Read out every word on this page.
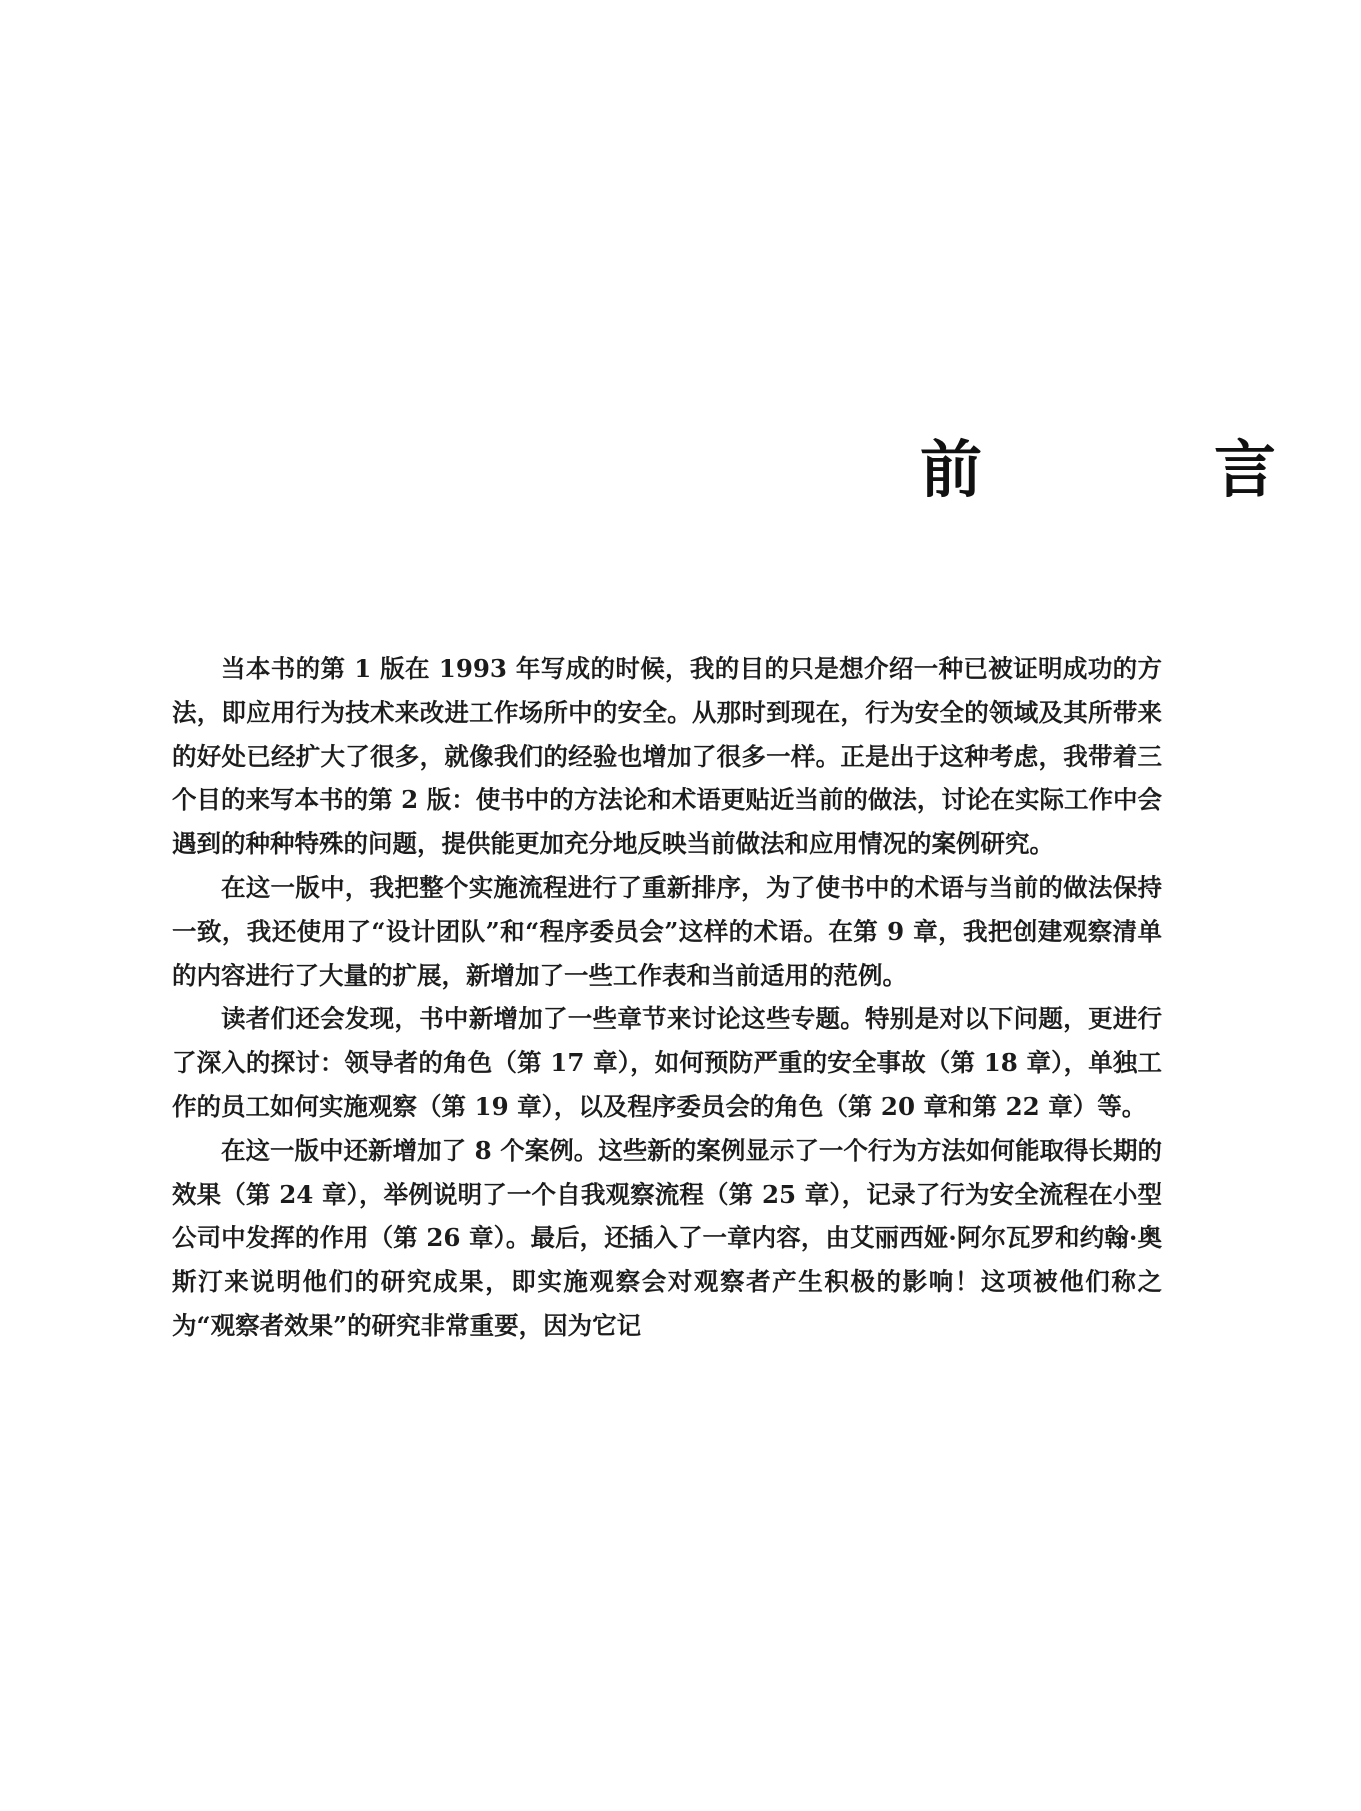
前　言

当本书的第 1 版在 1993 年写成的时候，我的目的只是想介绍一种已被证明成功的方法，即应用行为技术来改进工作场所中的安全。从那时到现在，行为安全的领域及其所带来的好处已经扩大了很多，就像我们的经验也增加了很多一样。正是出于这种考虑，我带着三个目的来写本书的第 2 版：使书中的方法论和术语更贴近当前的做法，讨论在实际工作中会遇到的种种特殊的问题，提供能更加充分地反映当前做法和应用情况的案例研究。

在这一版中，我把整个实施流程进行了重新排序，为了使书中的术语与当前的做法保持一致，我还使用了“设计团队”和“程序委员会”这样的术语。在第 9 章，我把创建观察清单的内容进行了大量的扩展，新增加了一些工作表和当前适用的范例。

读者们还会发现，书中新增加了一些章节来讨论这些专题。特别是对以下问题，更进行了深入的探讨：领导者的角色（第 17 章），如何预防严重的安全事故（第 18 章），单独工作的员工如何实施观察（第 19 章），以及程序委员会的角色（第 20 章和第 22 章）等。

在这一版中还新增加了 8 个案例。这些新的案例显示了一个行为方法如何能取得长期的效果（第 24 章），举例说明了一个自我观察流程（第 25 章），记录了行为安全流程在小型公司中发挥的作用（第 26 章）。最后，还插入了一章内容，由艾丽西娅·阿尔瓦罗和约翰·奥斯汀来说明他们的研究成果，即实施观察会对观察者产生积极的影响！这项被他们称之为“观察者效果”的研究非常重要，因为它记
